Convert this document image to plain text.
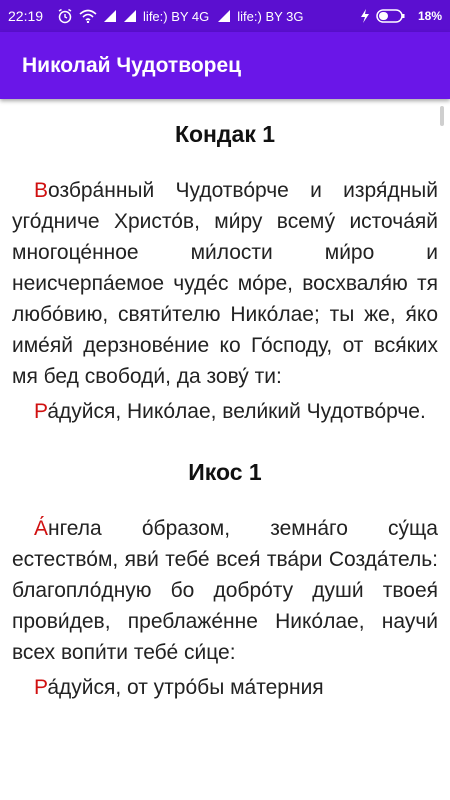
22:19	life:) BY 4G life:) BY 3G	18%
Николай Чудотворец
Кондак 1

Возбра́нный Чудотво́рче и изря́дный уго́дниче Христо́в, ми́ру всему́ источа́яй многоце́нное ми́лости ми́ро и неисчерпа́емое чуде́с мо́ре, восхваля́ю тя любо́вию, святи́телю Нико́лае; ты же, я́ко име́яй дерзнове́ние ко Го́споду, от вся́ких мя бед свободи́, да зову́ ти:

Ра́дуйся, Нико́лае, вели́кий Чудотво́рче.

Икос 1

А́нгела о́бразом, земна́го су́ща естество́м, яви́ тебе́ всея́ тва́ри Созда́тель: благопло́дную бо добро́ту души́ твоея́ прови́дев, преблаже́нне Нико́лае, научи́ всех вопи́ти тебе́ си́це:

Ра́дуйся, от утро́бы ма́терния
